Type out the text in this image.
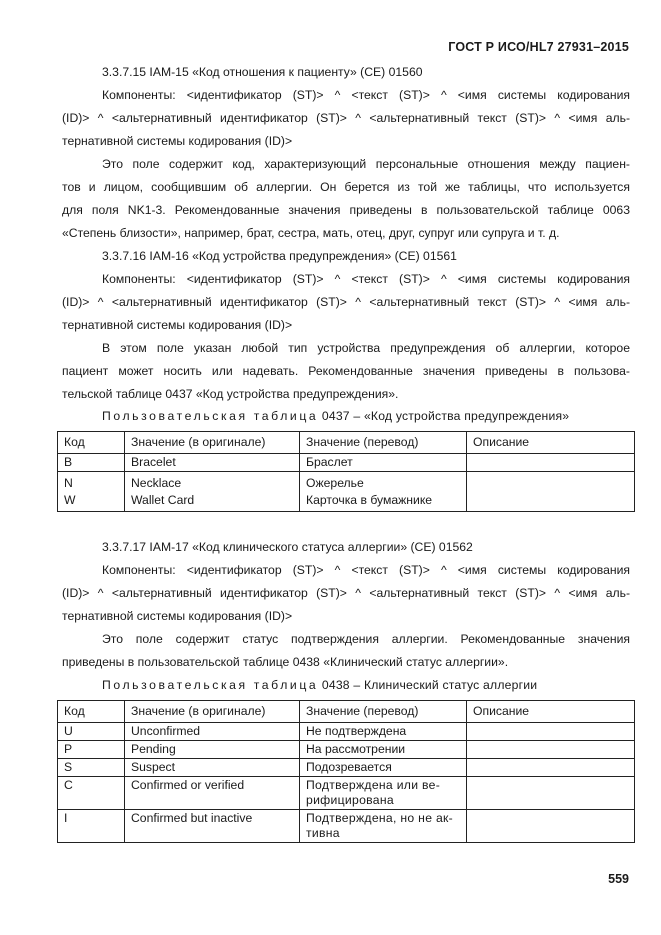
ГОСТ Р ИСО/HL7 27931–2015
3.3.7.15 IAM-15 «Код отношения к пациенту» (CE) 01560
Компоненты: <идентификатор (ST)> ^ <текст (ST)> ^ <имя системы кодирования
(ID)> ^ <альтернативный идентификатор (ST)> ^ <альтернативный текст (ST)> ^ <имя аль-
тернативной системы кодирования (ID)>
Это поле содержит код, характеризующий персональные отношения между пациен-
тов и лицом, сообщившим об аллергии. Он берется из той же таблицы, что используется
для поля NK1-3. Рекомендованные значения приведены в пользовательской таблице 0063
«Степень близости», например, брат, сестра, мать, отец, друг, супруг или супруга и т. д.
3.3.7.16 IAM-16 «Код устройства предупреждения» (CE) 01561
Компоненты: <идентификатор (ST)> ^ <текст (ST)> ^ <имя системы кодирования
(ID)> ^ <альтернативный идентификатор (ST)> ^ <альтернативный текст (ST)> ^ <имя аль-
тернативной системы кодирования (ID)>
В этом поле указан любой тип устройства предупреждения об аллергии, которое
пациент может носить или надевать. Рекомендованные значения приведены в пользова-
тельской таблице 0437 «Код устройства предупреждения».
Пользовательская таблица 0437 – «Код устройства предупреждения»
Код	Значение (в оригинале)	Значение (перевод)	Описание
B	Bracelet	Браслет	
N	Necklace	Ожерелье	
W	Wallet Card	Карточка в бумажнике	
3.3.7.17 IAM-17 «Код клинического статуса аллергии» (CE) 01562
Компоненты: <идентификатор (ST)> ^ <текст (ST)> ^ <имя системы кодирования
(ID)> ^ <альтернативный идентификатор (ST)> ^ <альтернативный текст (ST)> ^ <имя аль-
тернативной системы кодирования (ID)>
Это поле содержит статус подтверждения аллергии. Рекомендованные значения
приведены в пользовательской таблице 0438 «Клинический статус аллергии».
Пользовательская таблица 0438 – Клинический статус аллергии
Код	Значение (в оригинале)	Значение (перевод)	Описание
U	Unconfirmed	Не подтверждена	
P	Pending	На рассмотрении	
S	Suspect	Подозревается	
C	Confirmed or verified	Подтверждена или ве-рифицирована	
I	Confirmed but inactive	Подтверждена, но не ак-тивна	
559
